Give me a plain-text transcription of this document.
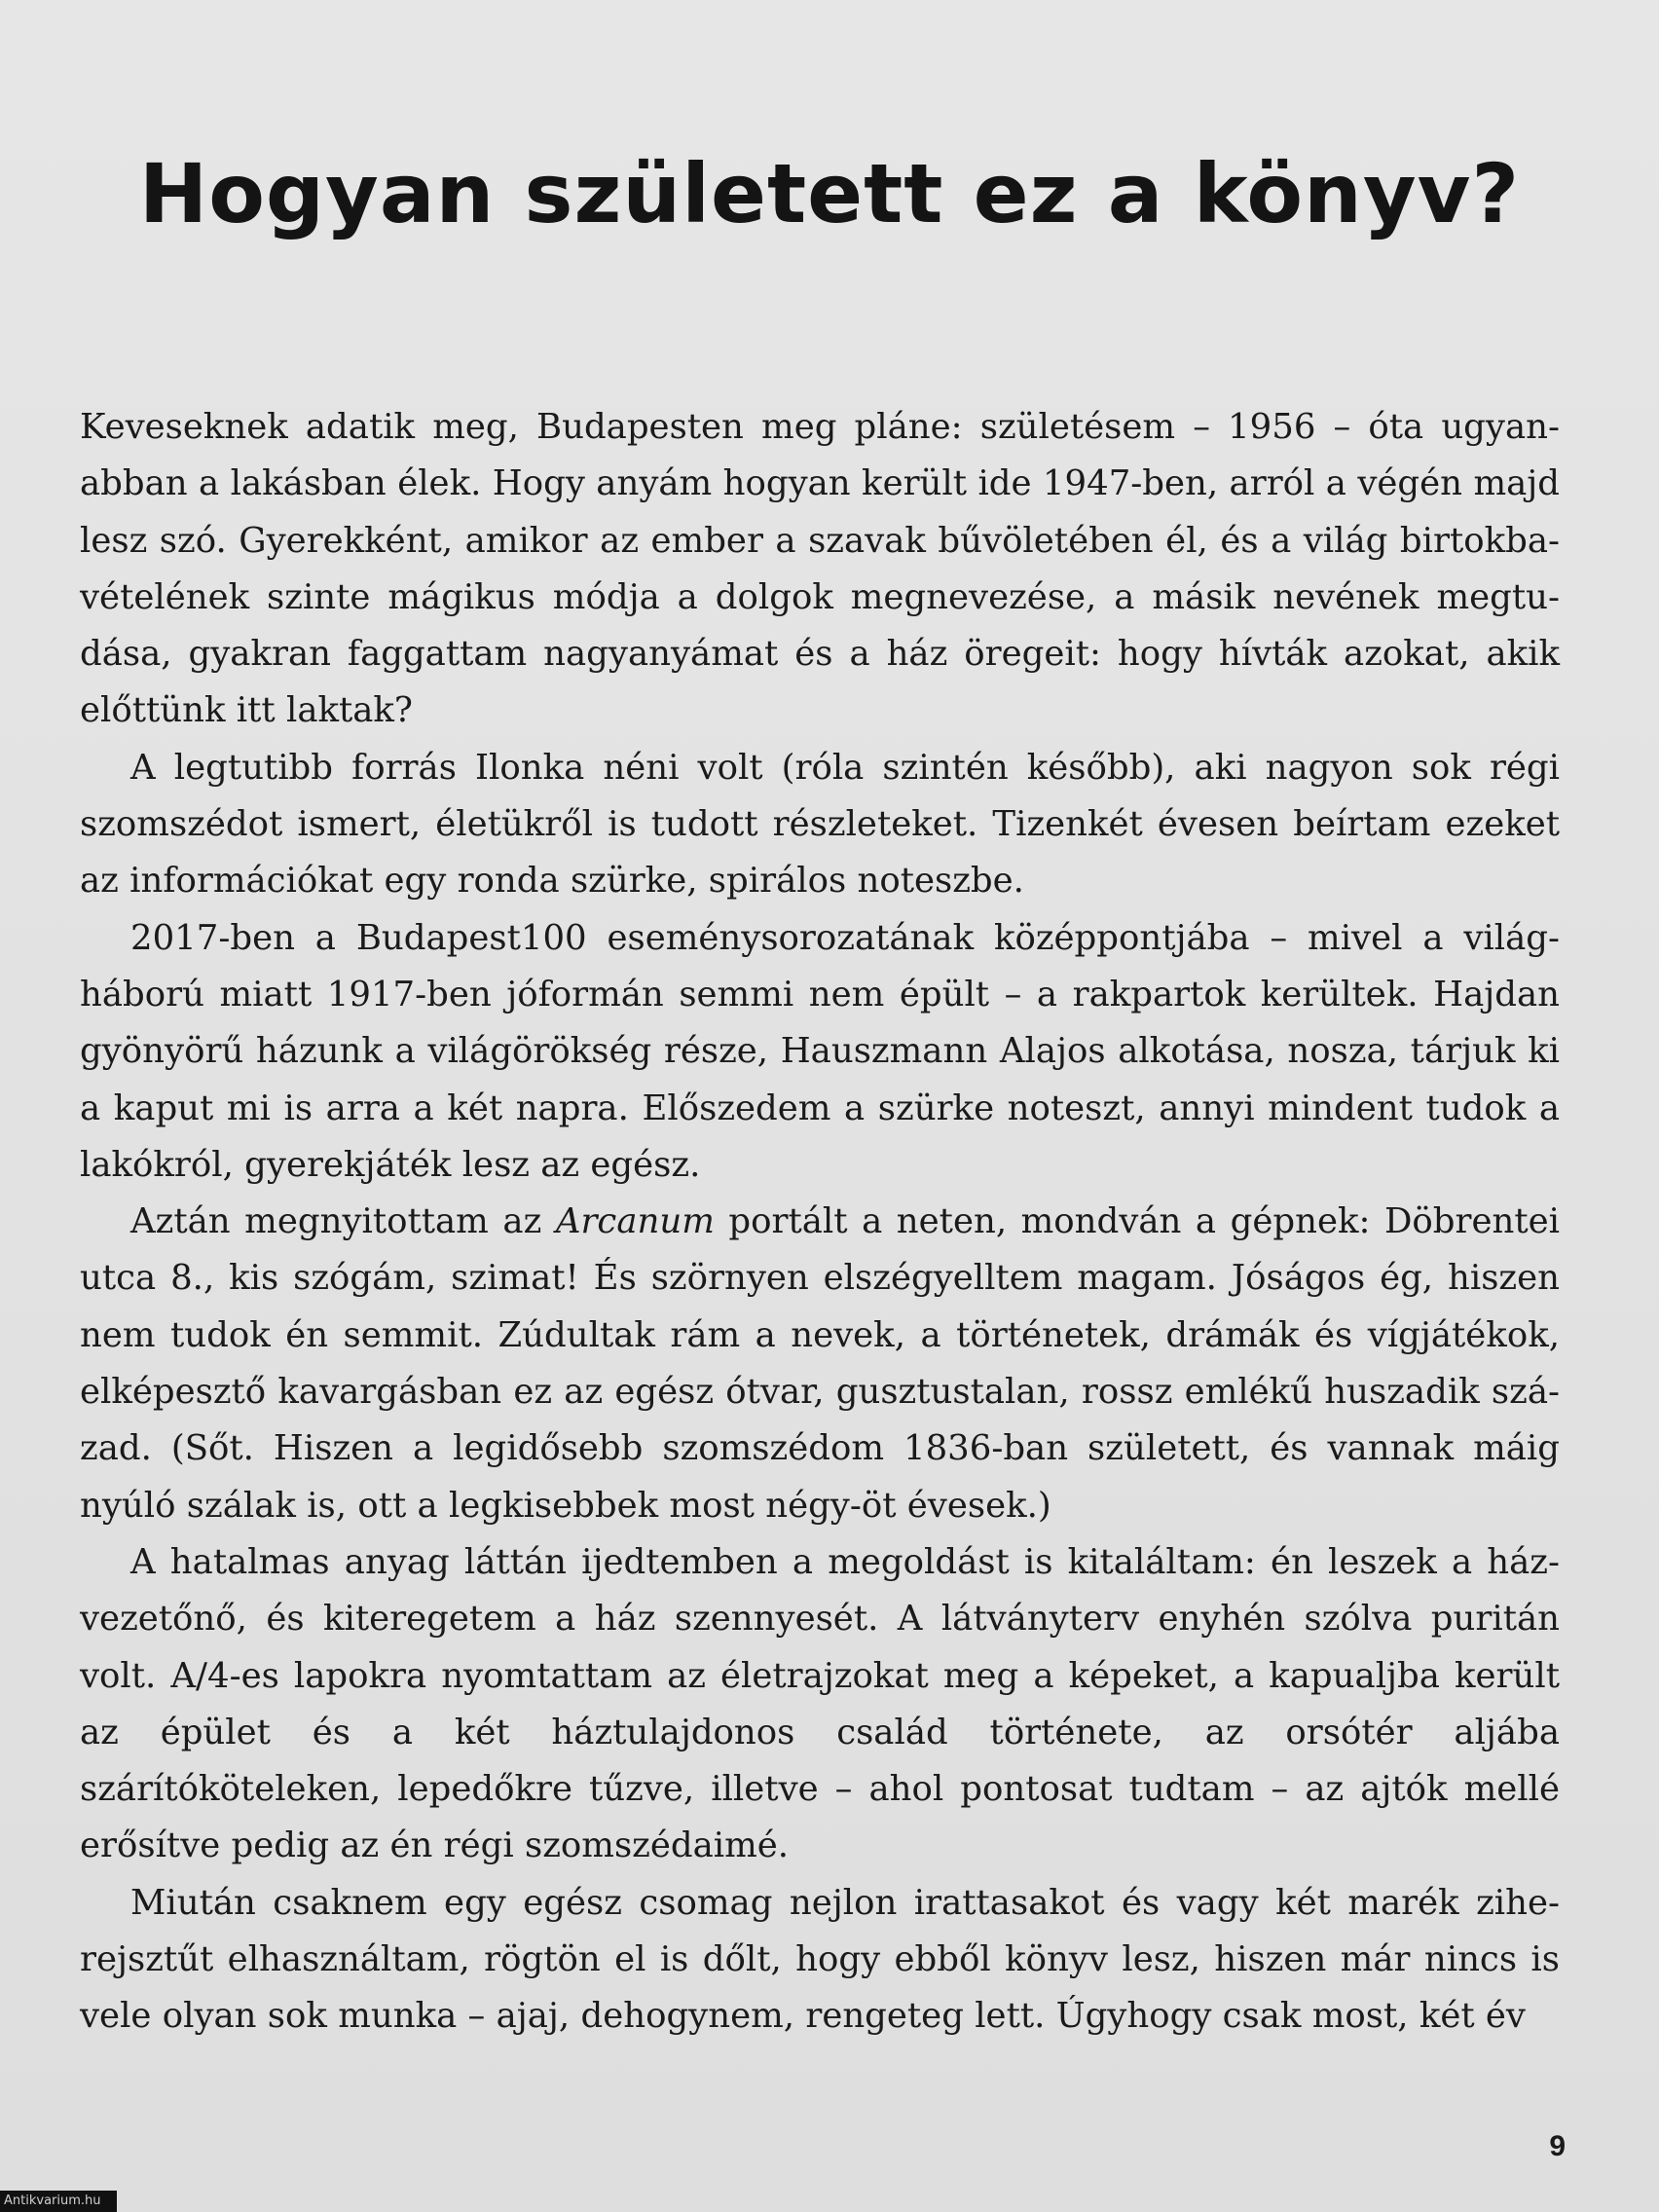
Hogyan született ez a könyv?

Keveseknek adatik meg, Budapesten meg pláne: születésem – 1956 – óta ugyanabban a lakásban élek. Hogy anyám hogyan került ide 1947-ben, arról a végén majd lesz szó. Gyerekként, amikor az ember a szavak bűvöletében él, és a világ birtokbavételének szinte mágikus módja a dolgok megnevezése, a másik nevének megtudása, gyakran faggattam nagyanyámat és a ház öregeit: hogy hívták azokat, akik előttünk itt laktak?

A legtutibb forrás Ilonka néni volt (róla szintén később), aki nagyon sok régi szomszédot ismert, életükről is tudott részleteket. Tizenkét évesen beírtam ezeket az információkat egy ronda szürke, spirálos noteszbe.

2017-ben a Budapest100 eseménysorozatának középpontjába – mivel a világháború miatt 1917-ben jóformán semmi nem épült – a rakpartok kerültek. Hajdan gyönyörű házunk a világörökség része, Hauszmann Alajos alkotása, nosza, tárjuk ki a kaput mi is arra a két napra. Előszedem a szürke noteszt, annyi mindent tudok a lakókról, gyerekjáték lesz az egész.

Aztán megnyitottam az Arcanum portált a neten, mondván a gépnek: Döbrentei utca 8., kis szógám, szimat! És szörnyen elszégyelltem magam. Jóságos ég, hiszen nem tudok én semmit. Zúdultak rám a nevek, a történetek, drámák és vígjátékok, elképesztő kavargásban ez az egész ótvar, gusztustalan, rossz emlékű huszadik század. (Sőt. Hiszen a legidősebb szomszédom 1836-ban született, és vannak máig nyúló szálak is, ott a legkisebbek most négy-öt évesek.)

A hatalmas anyag láttán ijedtemben a megoldást is kitaláltam: én leszek a házvezetőnő, és kiteregetem a ház szennyesét. A látványterv enyhén szólva puritán volt. A/4-es lapokra nyomtattam az életrajzokat meg a képeket, a kapualjba került az épület és a két háztulajdonos család története, az orsótér aljába szárítóköteleken, lepedőkre tűzve, illetve – ahol pontosat tudtam – az ajtók mellé erősítve pedig az én régi szomszédaimé.

Miután csaknem egy egész csomag nejlon irattasakot és vagy két marék ziherejsztűt elhasználtam, rögtön el is dőlt, hogy ebből könyv lesz, hiszen már nincs is vele olyan sok munka – ajaj, dehogynem, rengeteg lett. Úgyhogy csak most, két év

9
Antikvarium.hu
